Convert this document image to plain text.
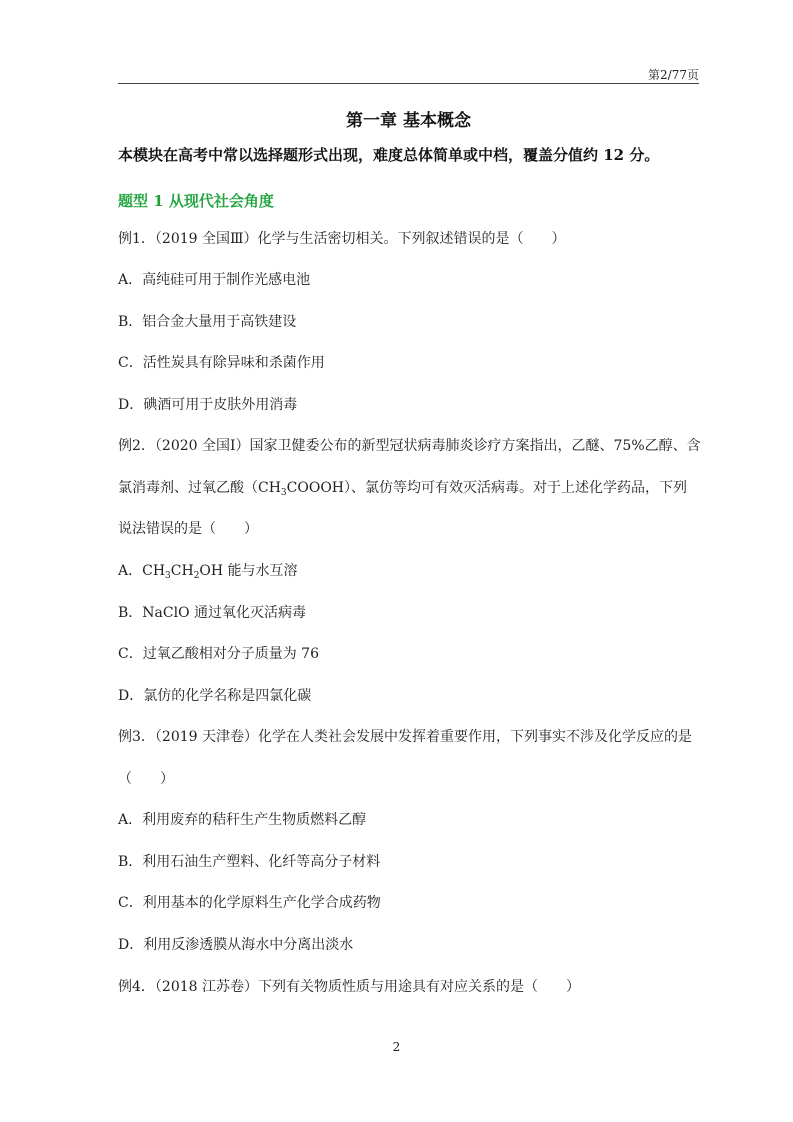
第2/77页
第一章 基本概念
本模块在高考中常以选择题形式出现，难度总体简单或中档，覆盖分值约 12 分。
题型 1 从现代社会角度
例1．（2019 全国Ⅲ）化学与生活密切相关。下列叙述错误的是（　　）
A．高纯硅可用于制作光感电池
B．铝合金大量用于高铁建设
C．活性炭具有除异味和杀菌作用
D．碘酒可用于皮肤外用消毒
例2．（2020 全国Ⅰ）国家卫健委公布的新型冠状病毒肺炎诊疗方案指出，乙醚、75%乙醇、含
氯消毒剂、过氧乙酸$(CH_3COOOH)$、氯仿等均可有效灭活病毒。对于上述化学药品，下列
说法错误的是（　　）
A．$CH_3CH_2OH$ 能与水互溶
B．NaClO 通过氧化灭活病毒
C．过氧乙酸相对分子质量为 76
D．氯仿的化学名称是四氯化碳
例3．（2019 天津卷）化学在人类社会发展中发挥着重要作用，下列事实不涉及化学反应的是
（　　）
A．利用废弃的秸秆生产生物质燃料乙醇
B．利用石油生产塑料、化纤等高分子材料
C．利用基本的化学原料生产化学合成药物
D．利用反渗透膜从海水中分离出淡水
例4．（2018 江苏卷）下列有关物质性质与用途具有对应关系的是（　　）
2
